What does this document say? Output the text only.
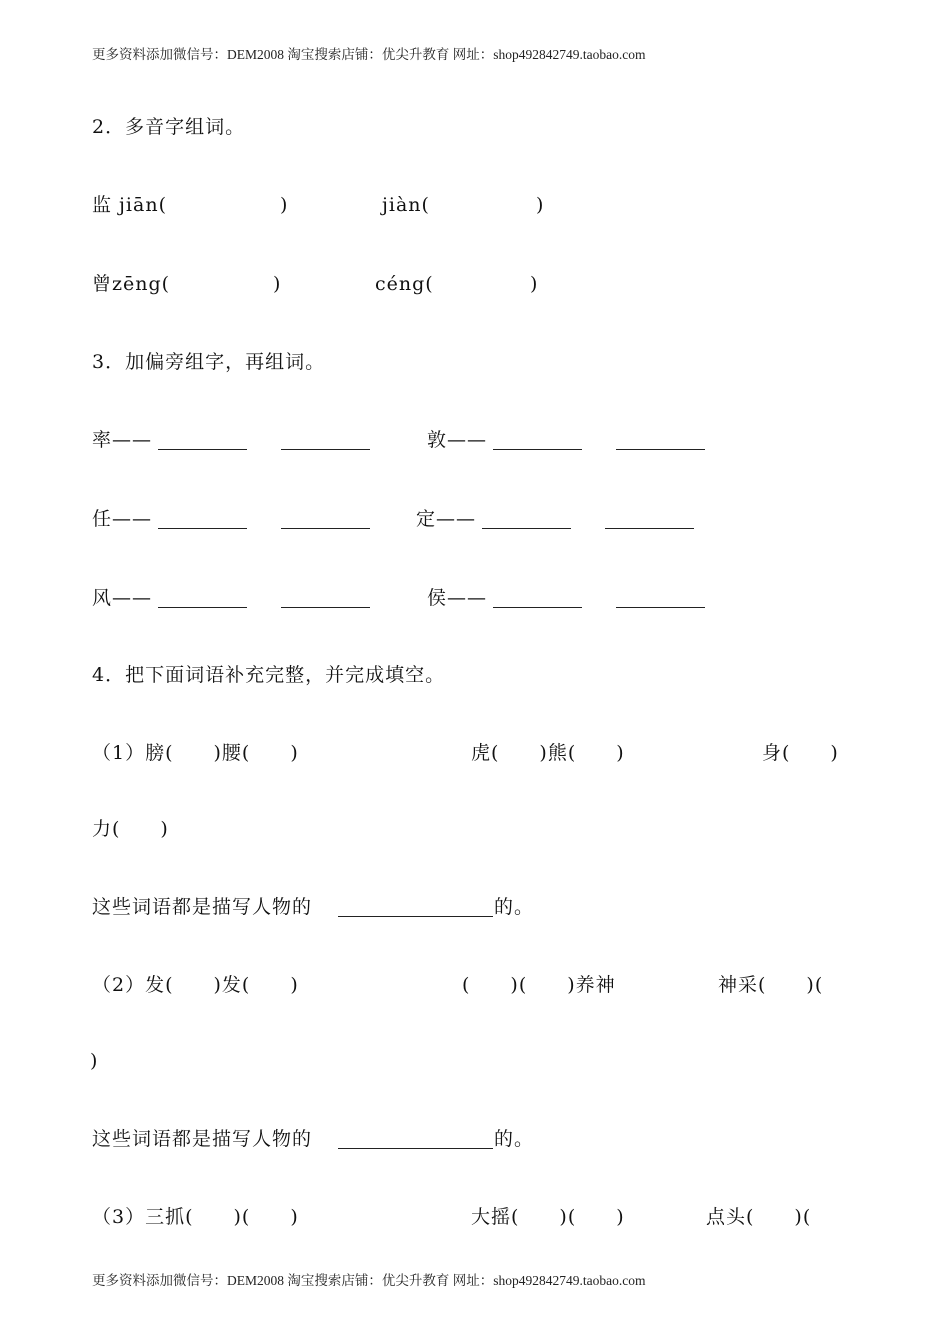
更多资料添加微信号：DEM2008 淘宝搜索店铺：优尖升教育 网址：shop492842749.taobao.com
2．多音字组词。
监 jiān(	)	jiàn(	)
曾zēng(	)	céng(	)
3．加偏旁组字，再组词。
率——	敦——
任——	定——
风——	侯——
4．把下面词语补充完整，并完成填空。
（1）膀(　　)腰(　　)	虎(　　)熊(　　)	身(　　)
力(　　)
这些词语都是描写人物的	的。
（2）发(　　)发(　　)	(　　)(　　)养神	神采(　　)(
)
这些词语都是描写人物的	的。
（3）三抓(　　)(　　)	大摇(　　)(　　)	点头(　　)(
更多资料添加微信号：DEM2008 淘宝搜索店铺：优尖升教育 网址：shop492842749.taobao.com
